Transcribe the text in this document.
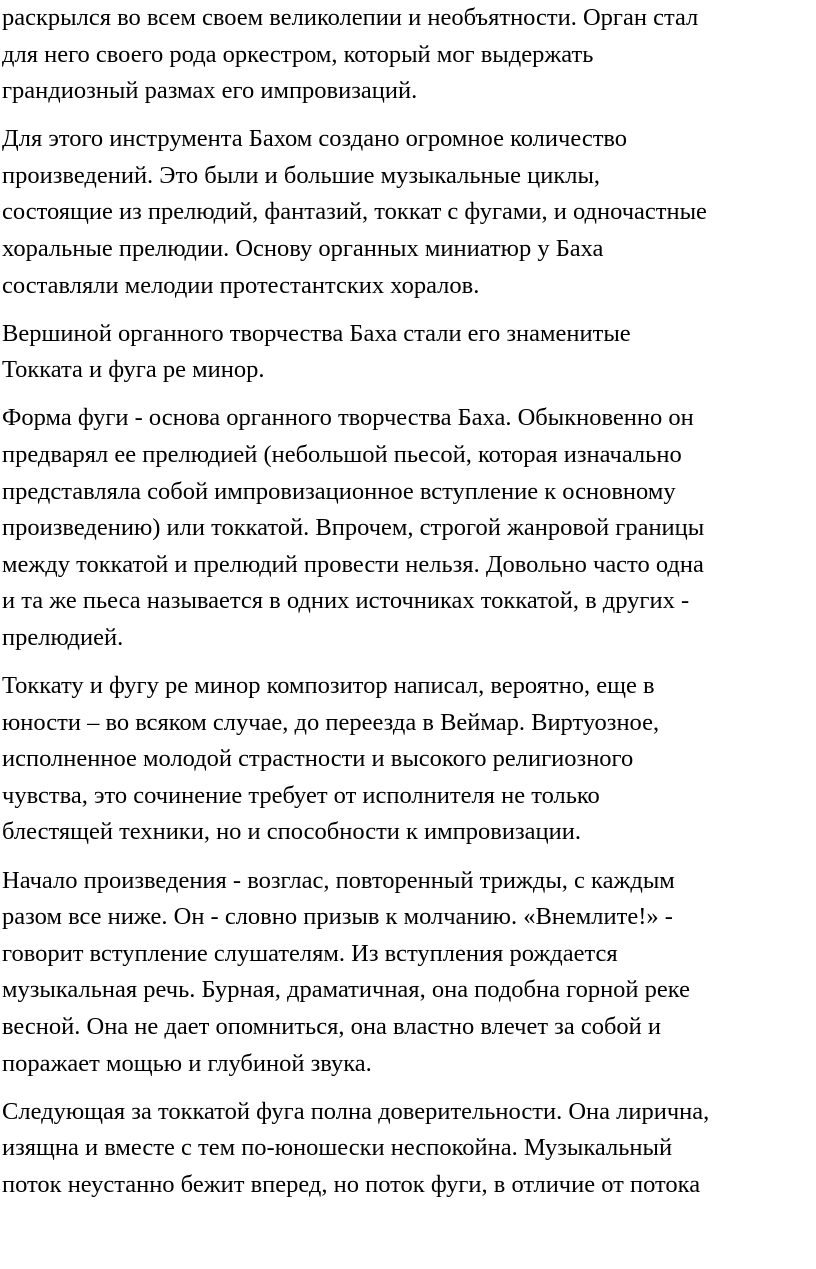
раскрылся во всем своем великолепии и необъятности. Орган стал
для него своего рода оркестром, который мог выдержать
грандиозный размах его импровизаций.

Для этого инструмента Бахом создано огромное количество
произведений. Это были и большие музыкальные циклы,
состоящие из прелюдий, фантазий, токкат с фугами, и одночастные
хоральные прелюдии. Основу органных миниатюр у Баха
составляли мелодии протестантских хоралов.

Вершиной органного творчества Баха стали его знаменитые
Токката и фуга ре минор.

Форма фуги - основа органного творчества Баха. Обыкновенно он
предварял ее прелюдией (небольшой пьесой, которая изначально
представляла собой импровизационное вступление к основному
произведению) или токкатой. Впрочем, строгой жанровой границы
между токкатой и прелюдий провести нельзя. Довольно часто одна
и та же пьеса называется в одних источниках токкатой, в других -
прелюдией.

Токкату и фугу ре минор композитор написал, вероятно, еще в
юности – во всяком случае, до переезда в Веймар. Виртуозное,
исполненное молодой страстности и высокого религиозного
чувства, это сочинение требует от исполнителя не только
блестящей техники, но и способности к импровизации.

Начало произведения - возглас, повторенный трижды, с каждым
разом все ниже. Он - словно призыв к молчанию. «Внемлите!» -
говорит вступление слушателям. Из вступления рождается
музыкальная речь. Бурная, драматичная, она подобна горной реке
весной. Она не дает опомниться, она властно влечет за собой и
поражает мощью и глубиной звука.

Следующая за токкатой фуга полна доверительности. Она лирична,
изящна и вместе с тем по-юношески неспокойна. Музыкальный
поток неустанно бежит вперед, но поток фуги, в отличие от потока
